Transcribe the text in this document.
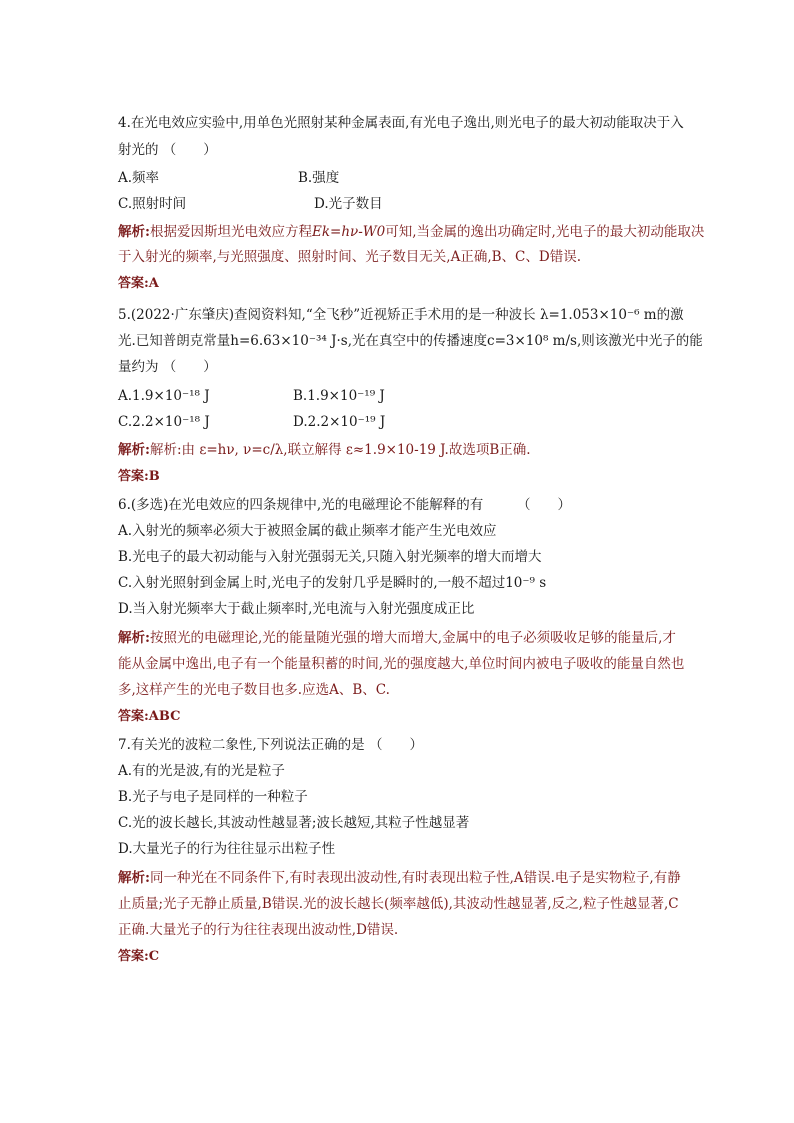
4.在光电效应实验中,用单色光照射某种金属表面,有光电子逸出,则光电子的最大初动能取决于入
射光的 （　　）
A.频率	B.强度
C.照射时间	D.光子数目
解析:根据爱因斯坦光电效应方程Ek=hν-W0可知,当金属的逸出功确定时,光电子的最大初动能取决
于入射光的频率,与光照强度、照射时间、光子数目无关,A正确,B、C、D错误.
答案:A
5.(2022·广东肇庆)查阅资料知,“全飞秒”近视矫正手术用的是一种波长 λ=1.053×10⁻⁶ m的激
光.已知普朗克常量h=6.63×10⁻³⁴ J·s,光在真空中的传播速度c=3×10⁸ m/s,则该激光中光子的能
量约为 （　　）
A.1.9×10⁻¹⁸ J	B.1.9×10⁻¹⁹ J
C.2.2×10⁻¹⁸ J	D.2.2×10⁻¹⁹ J
解析:解析:由 ε=hν, ν=c/λ,联立解得 ε≈1.9×10-19 J.故选项B正确.
答案:B
6.(多选)在光电效应的四条规律中,光的电磁理论不能解释的有　　　（　　）
A.入射光的频率必须大于被照金属的截止频率才能产生光电效应
B.光电子的最大初动能与入射光强弱无关,只随入射光频率的增大而增大
C.入射光照射到金属上时,光电子的发射几乎是瞬时的,一般不超过10⁻⁹ s
D.当入射光频率大于截止频率时,光电流与入射光强度成正比
解析:按照光的电磁理论,光的能量随光强的增大而增大,金属中的电子必须吸收足够的能量后,才
能从金属中逸出,电子有一个能量积蓄的时间,光的强度越大,单位时间内被电子吸收的能量自然也
多,这样产生的光电子数目也多.应选A、B、C.
答案:ABC
7.有关光的波粒二象性,下列说法正确的是 （　　）
A.有的光是波,有的光是粒子
B.光子与电子是同样的一种粒子
C.光的波长越长,其波动性越显著;波长越短,其粒子性越显著
D.大量光子的行为往往显示出粒子性
解析:同一种光在不同条件下,有时表现出波动性,有时表现出粒子性,A错误.电子是实物粒子,有静
止质量;光子无静止质量,B错误.光的波长越长(频率越低),其波动性越显著,反之,粒子性越显著,C
正确.大量光子的行为往往表现出波动性,D错误.
答案:C
